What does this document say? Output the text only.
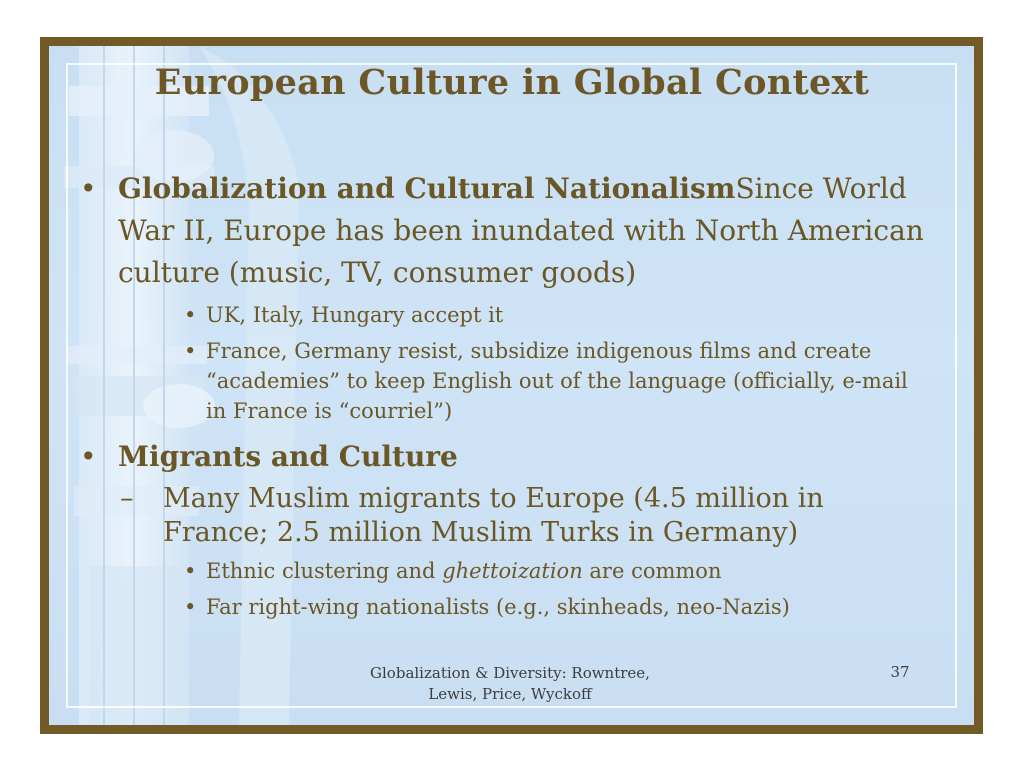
European Culture in Global Context
• Globalization and Cultural NationalismSince World War II, Europe has been inundated with North American culture (music, TV, consumer goods)
• UK, Italy, Hungary accept it
• France, Germany resist, subsidize indigenous films and create “academies” to keep English out of the language (officially, e-mail in France is “courriel”)
• Migrants and Culture
– Many Muslim migrants to Europe (4.5 million in France; 2.5 million Muslim Turks in Germany)
• Ethnic clustering and ghettoization are common
• Far right-wing nationalists (e.g., skinheads, neo-Nazis)
Globalization & Diversity: Rowntree,
Lewis, Price, Wyckoff
37
